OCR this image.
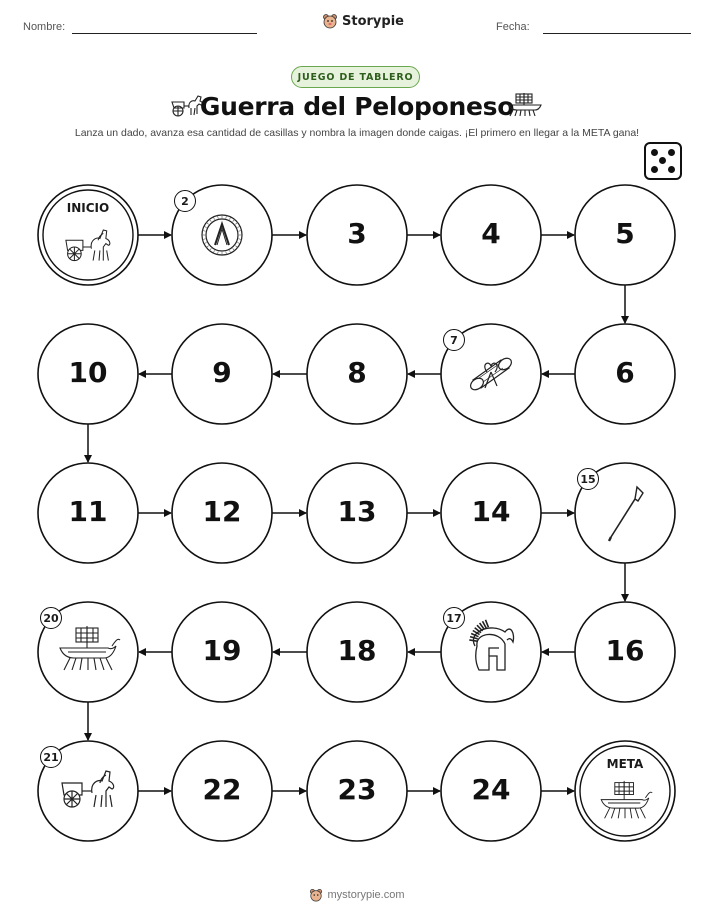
Nombre:	Storypie	Fecha:
JUEGO DE TABLERO
Guerra del Peloponeso
Lanza un dado, avanza esa cantidad de casillas y nombra la imagen donde caigas. ¡El primero en llegar a la META gana!
INICIO	2
3	4	5
10	9	8
7
6
11	12	13	14
15
20
19	18
17
16
21
22	23	24
META
mystorypie.com
